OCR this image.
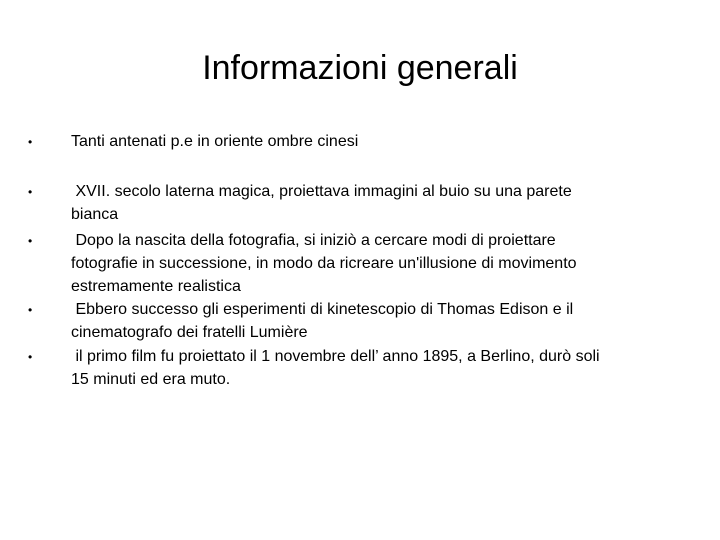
Informazioni generali
• Tanti antenati p.e in oriente ombre cinesi
•	XVII. secolo laterna magica, proiettava immagini al buio su una parete
bianca
•	Dopo la nascita della fotografia, si iniziò a cercare modi di proiettare
fotografie in successione, in modo da ricreare un'illusione di movimento
estremamente realistica
•	Ebbero successo gli esperimenti di kinetescopio di Thomas Edison e il
cinematografo dei fratelli Lumière
•	il primo film fu proiettato il 1 novembre dell’ anno 1895, a Berlino, durò soli
15 minuti ed era muto.
